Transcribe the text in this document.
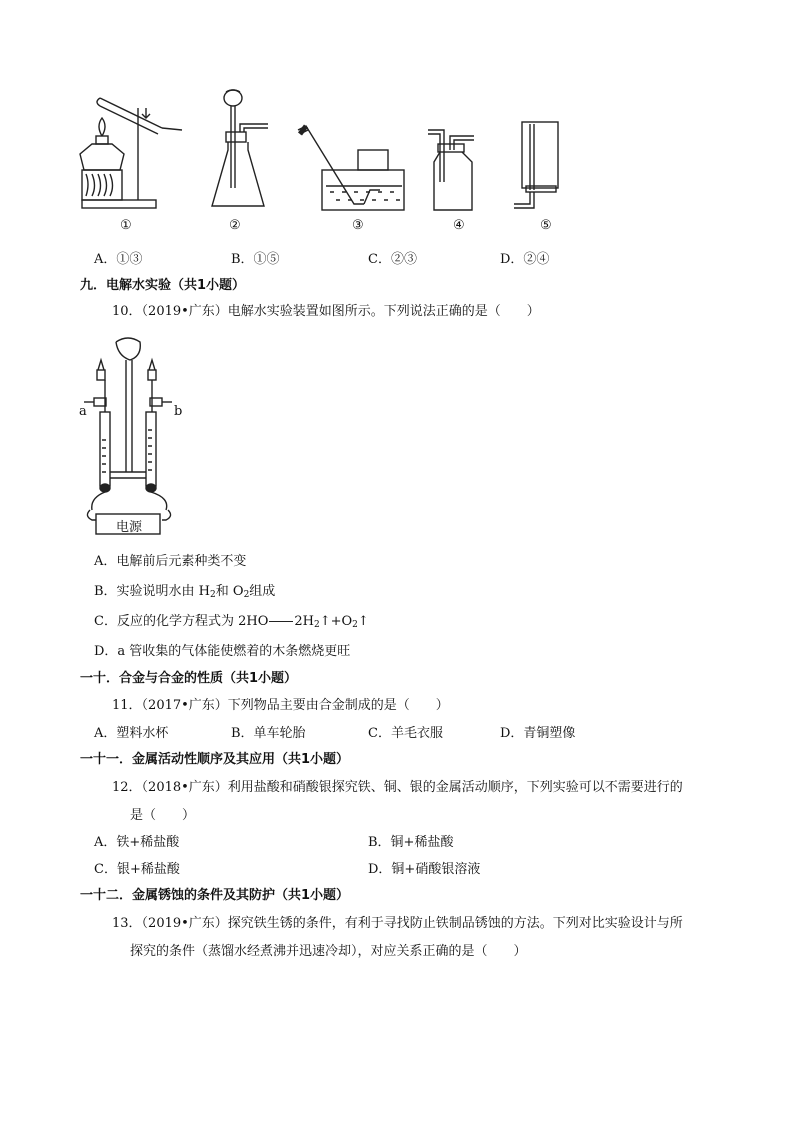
①	②	③	④	⑤
A．①③	B．①⑤	C．②③	D．②④
九．电解水实验（共1小题）
10．（2019•广东）电解水实验装置如图所示。下列说法正确的是（　　）
a	b
电源
A．电解前后元素种类不变
B．实验说明水由 $H_2$和 $O_2$组成
C．反应的化学方程式为 2HO $2H_2↑+O_2↑$
D．a 管收集的气体能使燃着的木条燃烧更旺
一十．合金与合金的性质（共1小题）
11．（2017•广东）下列物品主要由合金制成的是（　　）
A．塑料水杯	B．单车轮胎	C．羊毛衣服	D．青铜塑像
一十一．金属活动性顺序及其应用（共1小题）
12．（2018•广东）利用盐酸和硝酸银探究铁、铜、银的金属活动顺序，下列实验可以不需要进行的
是（　　）
A．铁+稀盐酸	B．铜+稀盐酸
C．银+稀盐酸	D．铜+硝酸银溶液
一十二．金属锈蚀的条件及其防护（共1小题）
13．（2019•广东）探究铁生锈的条件，有利于寻找防止铁制品锈蚀的方法。下列对比实验设计与所
探究的条件（蒸馏水经煮沸并迅速冷却），对应关系正确的是（　　）
